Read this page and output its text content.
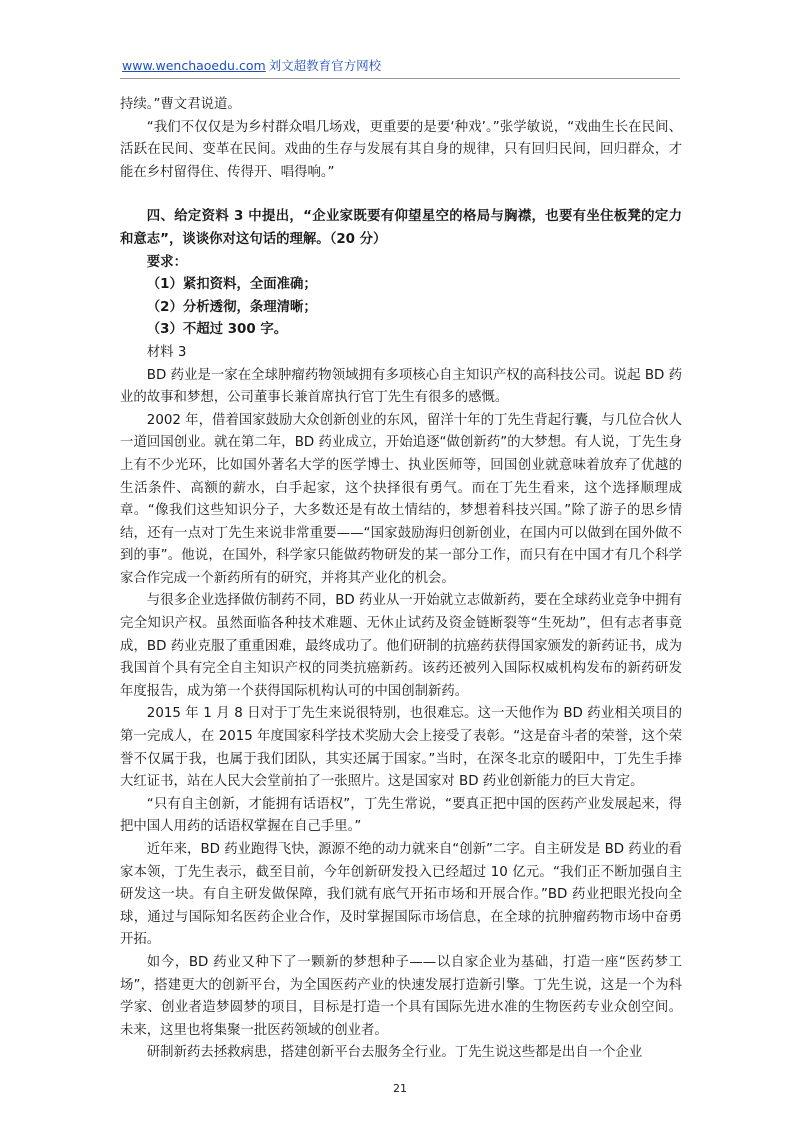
www.wenchaoedu.com 刘文超教育官方网校

持续。”曹文君说道。

“我们不仅仅是为乡村群众唱几场戏，更重要的是要‘种戏’。”张学敏说，“戏曲生长在民间、活跃在民间、变革在民间。戏曲的生存与发展有其自身的规律，只有回归民间，回归群众，才能在乡村留得住、传得开、唱得响。”

四、给定资料 3 中提出，“企业家既要有仰望星空的格局与胸襟，也要有坐住板凳的定力和意志”，谈谈你对这句话的理解。（20 分）

要求：

（1）紧扣资料，全面准确；

（2）分析透彻，条理清晰；

（3）不超过 300 字。

材料 3

BD 药业是一家在全球肿瘤药物领域拥有多项核心自主知识产权的高科技公司。说起 BD 药业的故事和梦想，公司董事长兼首席执行官丁先生有很多的感慨。

2002 年，借着国家鼓励大众创新创业的东风，留洋十年的丁先生背起行囊，与几位合伙人一道回国创业。就在第二年，BD 药业成立，开始追逐“做创新药”的大梦想。有人说，丁先生身上有不少光环，比如国外著名大学的医学博士、执业医师等，回国创业就意味着放弃了优越的生活条件、高额的薪水，白手起家，这个抉择很有勇气。而在丁先生看来，这个选择顺理成章。“像我们这些知识分子，大多数还是有故土情结的，梦想着科技兴国。”除了游子的思乡情结，还有一点对丁先生来说非常重要——“国家鼓励海归创新创业，在国内可以做到在国外做不到的事”。他说，在国外，科学家只能做药物研发的某一部分工作，而只有在中国才有几个科学家合作完成一个新药所有的研究，并将其产业化的机会。

与很多企业选择做仿制药不同，BD 药业从一开始就立志做新药，要在全球药业竞争中拥有完全知识产权。虽然面临各种技术难题、无休止试药及资金链断裂等“生死劫”，但有志者事竟成，BD 药业克服了重重困难，最终成功了。他们研制的抗癌药获得国家颁发的新药证书，成为我国首个具有完全自主知识产权的同类抗癌新药。该药还被列入国际权威机构发布的新药研发年度报告，成为第一个获得国际机构认可的中国创制新药。

2015 年 1 月 8 日对于丁先生来说很特别，也很难忘。这一天他作为 BD 药业相关项目的第一完成人，在 2015 年度国家科学技术奖励大会上接受了表彰。“这是奋斗者的荣誉，这个荣誉不仅属于我，也属于我们团队，其实还属于国家。”当时，在深冬北京的暖阳中，丁先生手捧大红证书，站在人民大会堂前拍了一张照片。这是国家对 BD 药业创新能力的巨大肯定。

“只有自主创新，才能拥有话语权”，丁先生常说，“要真正把中国的医药产业发展起来，得把中国人用药的话语权掌握在自己手里。”

近年来，BD 药业跑得飞快，源源不绝的动力就来自“创新”二字。自主研发是 BD 药业的看家本领，丁先生表示，截至目前，今年创新研发投入已经超过 10 亿元。“我们正不断加强自主研发这一块。有自主研发做保障，我们就有底气开拓市场和开展合作。”BD 药业把眼光投向全球，通过与国际知名医药企业合作，及时掌握国际市场信息，在全球的抗肿瘤药物市场中奋勇开拓。

如今，BD 药业又种下了一颗新的梦想种子——以自家企业为基础，打造一座“医药梦工场”，搭建更大的创新平台，为全国医药产业的快速发展打造新引擎。丁先生说，这是一个为科学家、创业者造梦圆梦的项目，目标是打造一个具有国际先进水准的生物医药专业众创空间。未来，这里也将集聚一批医药领域的创业者。

研制新药去拯救病患，搭建创新平台去服务全行业。丁先生说这些都是出自一个企业

21
